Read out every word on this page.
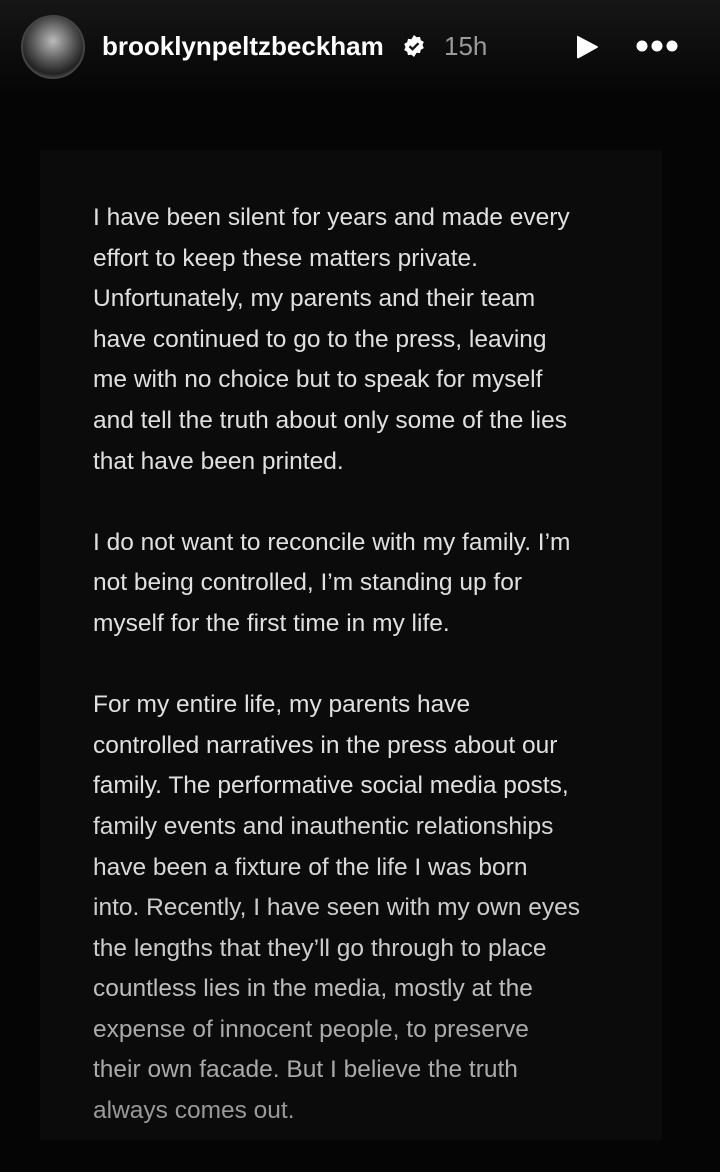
brooklynpeltzbeckham 15h
I have been silent for years and made every
effort to keep these matters private.
Unfortunately, my parents and their team
have continued to go to the press, leaving
me with no choice but to speak for myself
and tell the truth about only some of the lies
that have been printed.
I do not want to reconcile with my family. I’m
not being controlled, I’m standing up for
myself for the first time in my life.
For my entire life, my parents have
controlled narratives in the press about our
family. The performative social media posts,
family events and inauthentic relationships
have been a fixture of the life I was born
into. Recently, I have seen with my own eyes
the lengths that they’ll go through to place
countless lies in the media, mostly at the
expense of innocent people, to preserve
their own facade. But I believe the truth
always comes out.
